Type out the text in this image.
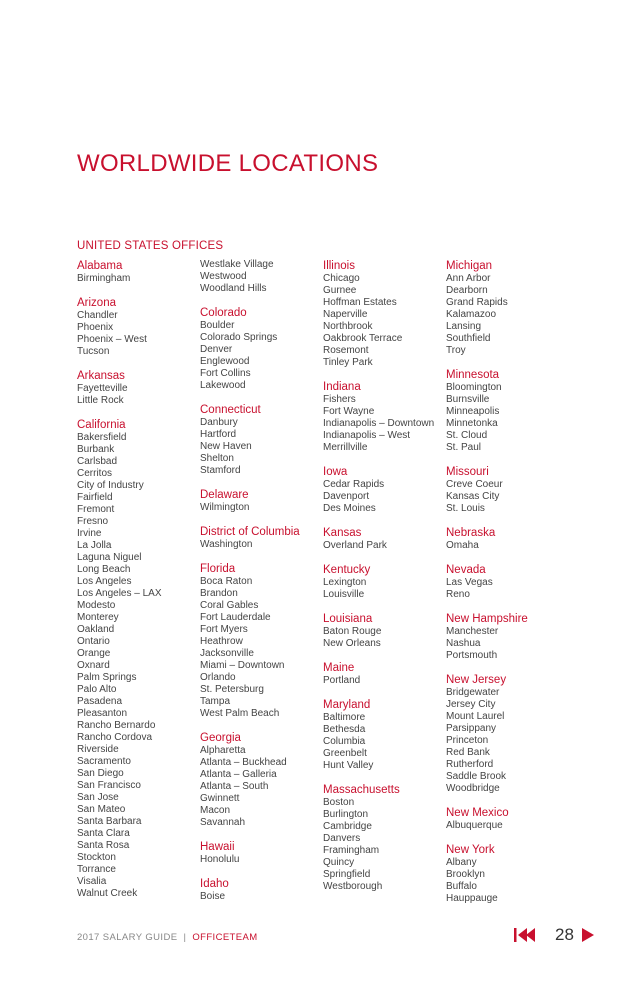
WORLDWIDE LOCATIONS
UNITED STATES OFFICES
Alabama
Birmingham
Arizona
Chandler
Phoenix
Phoenix – West
Tucson
Arkansas
Fayetteville
Little Rock
California
Bakersfield
Burbank
Carlsbad
Cerritos
City of Industry
Fairfield
Fremont
Fresno
Irvine
La Jolla
Laguna Niguel
Long Beach
Los Angeles
Los Angeles – LAX
Modesto
Monterey
Oakland
Ontario
Orange
Oxnard
Palm Springs
Palo Alto
Pasadena
Pleasanton
Rancho Bernardo
Rancho Cordova
Riverside
Sacramento
San Diego
San Francisco
San Jose
San Mateo
Santa Barbara
Santa Clara
Santa Rosa
Stockton
Torrance
Visalia
Walnut Creek
Westlake Village
Westwood
Woodland Hills
Colorado
Boulder
Colorado Springs
Denver
Englewood
Fort Collins
Lakewood
Connecticut
Danbury
Hartford
New Haven
Shelton
Stamford
Delaware
Wilmington
District of Columbia
Washington
Florida
Boca Raton
Brandon
Coral Gables
Fort Lauderdale
Fort Myers
Heathrow
Jacksonville
Miami – Downtown
Orlando
St. Petersburg
Tampa
West Palm Beach
Georgia
Alpharetta
Atlanta – Buckhead
Atlanta – Galleria
Atlanta – South
Gwinnett
Macon
Savannah
Hawaii
Honolulu
Idaho
Boise
Illinois
Chicago
Gurnee
Hoffman Estates
Naperville
Northbrook
Oakbrook Terrace
Rosemont
Tinley Park
Indiana
Fishers
Fort Wayne
Indianapolis – Downtown
Indianapolis – West
Merrillville
Iowa
Cedar Rapids
Davenport
Des Moines
Kansas
Overland Park
Kentucky
Lexington
Louisville
Louisiana
Baton Rouge
New Orleans
Maine
Portland
Maryland
Baltimore
Bethesda
Columbia
Greenbelt
Hunt Valley
Massachusetts
Boston
Burlington
Cambridge
Danvers
Framingham
Quincy
Springfield
Westborough
Michigan
Ann Arbor
Dearborn
Grand Rapids
Kalamazoo
Lansing
Southfield
Troy
Minnesota
Bloomington
Burnsville
Minneapolis
Minnetonka
St. Cloud
St. Paul
Missouri
Creve Coeur
Kansas City
St. Louis
Nebraska
Omaha
Nevada
Las Vegas
Reno
New Hampshire
Manchester
Nashua
Portsmouth
New Jersey
Bridgewater
Jersey City
Mount Laurel
Parsippany
Princeton
Red Bank
Rutherford
Saddle Brook
Woodbridge
New Mexico
Albuquerque
New York
Albany
Brooklyn
Buffalo
Hauppauge
2017 SALARY GUIDE | OFFICETEAM	28
